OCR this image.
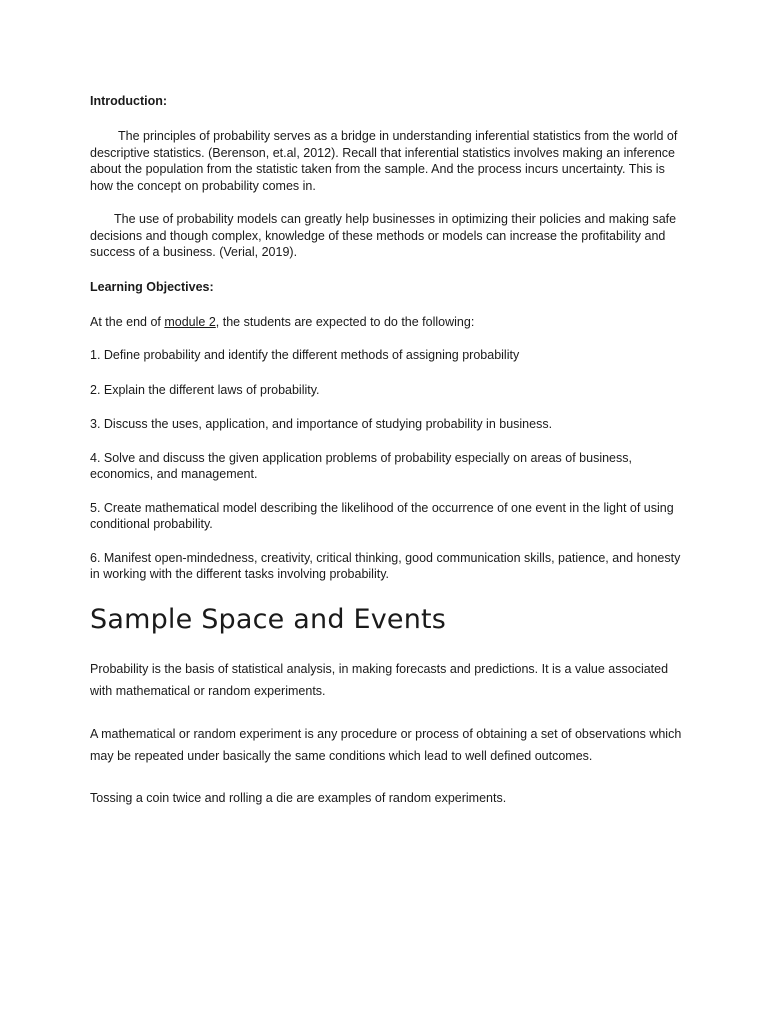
Introduction:

The principles of probability serves as a bridge in understanding inferential statistics from the world of descriptive statistics. (Berenson, et.al, 2012). Recall that inferential statistics involves making an inference about the population from the statistic taken from the sample. And the process incurs uncertainty. This is how the concept on probability comes in.

The use of probability models can greatly help businesses in optimizing their policies and making safe decisions and though complex, knowledge of these methods or models can increase the profitability and success of a business. (Verial, 2019).

Learning Objectives:

At the end of module 2, the students are expected to do the following:

1. Define probability and identify the different methods of assigning probability

2. Explain the different laws of probability.

3. Discuss the uses, application, and importance of studying probability in business.

4. Solve and discuss the given application problems of probability especially on areas of business, economics, and management.

5. Create mathematical model describing the likelihood of the occurrence of one event in the light of using conditional probability.

6. Manifest open-mindedness, creativity, critical thinking, good communication skills, patience, and honesty in working with the different tasks involving probability.

Sample Space and Events

Probability is the basis of statistical analysis, in making forecasts and predictions. It is a value associated with mathematical or random experiments.

A mathematical or random experiment is any procedure or process of obtaining a set of observations which may be repeated under basically the same conditions which lead to well defined outcomes.

Tossing a coin twice and rolling a die are examples of random experiments.
